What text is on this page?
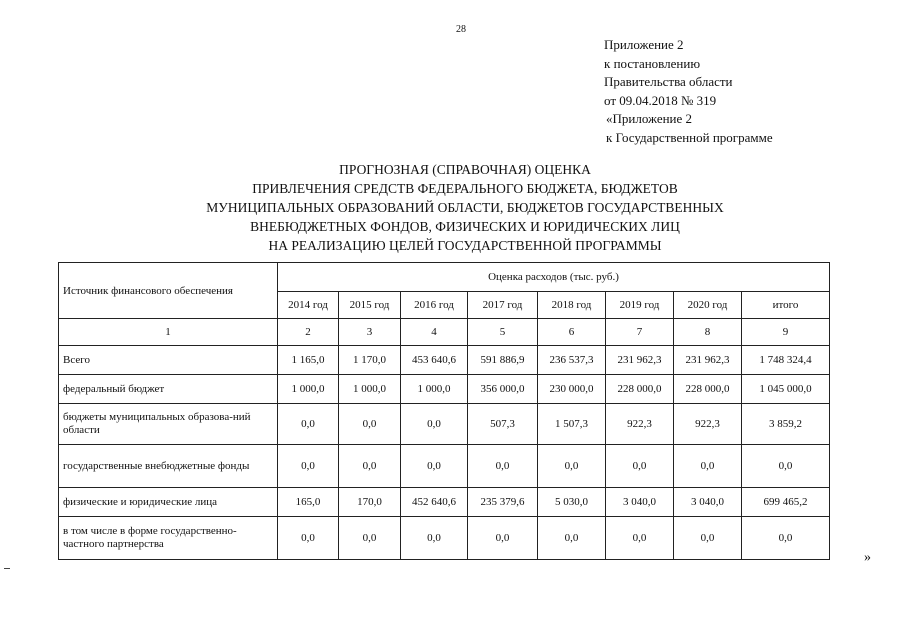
28
Приложение 2
к постановлению
Правительства области
от 09.04.2018 № 319
«Приложение 2
к Государственной программе
ПРОГНОЗНАЯ (СПРАВОЧНАЯ) ОЦЕНКА
ПРИВЛЕЧЕНИЯ СРЕДСТВ ФЕДЕРАЛЬНОГО БЮДЖЕТА, БЮДЖЕТОВ
МУНИЦИПАЛЬНЫХ ОБРАЗОВАНИЙ ОБЛАСТИ, БЮДЖЕТОВ ГОСУДАРСТВЕННЫХ
ВНЕБЮДЖЕТНЫХ ФОНДОВ, ФИЗИЧЕСКИХ И ЮРИДИЧЕСКИХ ЛИЦ
НА РЕАЛИЗАЦИЮ ЦЕЛЕЙ ГОСУДАРСТВЕННОЙ ПРОГРАММЫ
Источник финансового обеспечения	Оценка расходов (тыс. руб.)							
	2014 год	2015 год	2016 год	2017 год	2018 год	2019 год	2020 год	итого
1	2	3	4	5	6	7	8	9
Всего	1 165,0	1 170,0	453 640,6	591 886,9	236 537,3	231 962,3	231 962,3	1 748 324,4
федеральный бюджет	1 000,0	1 000,0	1 000,0	356 000,0	230 000,0	228 000,0	228 000,0	1 045 000,0
бюджеты муниципальных образова-ний области	0,0	0,0	0,0	507,3	1 507,3	922,3	922,3	3 859,2
государственные внебюджетные фонды	0,0	0,0	0,0	0,0	0,0	0,0	0,0	0,0
физические и юридические лица	165,0	170,0	452 640,6	235 379,6	5 030,0	3 040,0	3 040,0	699 465,2
в том числе в форме государственно-частного партнерства	0,0	0,0	0,0	0,0	0,0	0,0	0,0	0,0
»
